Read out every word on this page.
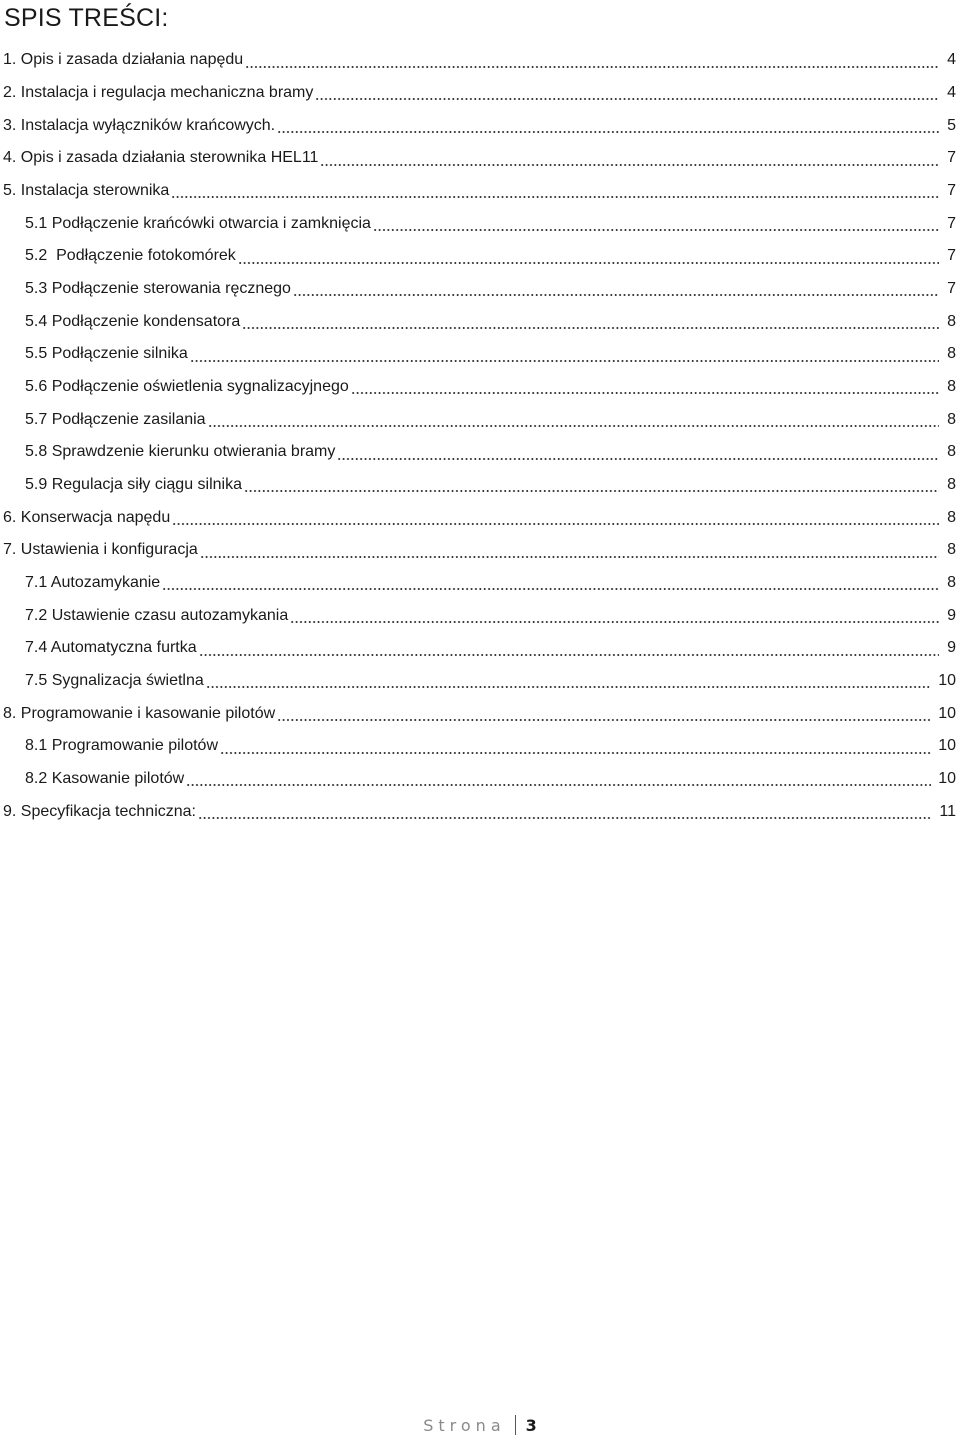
SPIS TREŚCI:
1. Opis i zasada działania napędu	4
2. Instalacja i regulacja mechaniczna bramy	4
3. Instalacja wyłączników krańcowych.	5
4. Opis i zasada działania sterownika HEL11	7
5. Instalacja sterownika	7
5.1 Podłączenie krańcówki otwarcia i zamknięcia	7
5.2  Podłączenie fotokomórek	7
5.3 Podłączenie sterowania ręcznego	7
5.4 Podłączenie kondensatora	8
5.5 Podłączenie silnika	8
5.6 Podłączenie oświetlenia sygnalizacyjnego	8
5.7 Podłączenie zasilania	8
5.8 Sprawdzenie kierunku otwierania bramy	8
5.9 Regulacja siły ciągu silnika	8
6. Konserwacja napędu	8
7. Ustawienia i konfiguracja	8
7.1 Autozamykanie	8
7.2 Ustawienie czasu autozamykania	9
7.4 Automatyczna furtka	9
7.5 Sygnalizacja świetlna	10
8. Programowanie i kasowanie pilotów	10
8.1 Programowanie pilotów	10
8.2 Kasowanie pilotów	10
9. Specyfikacja techniczna:	11
Strona	3
